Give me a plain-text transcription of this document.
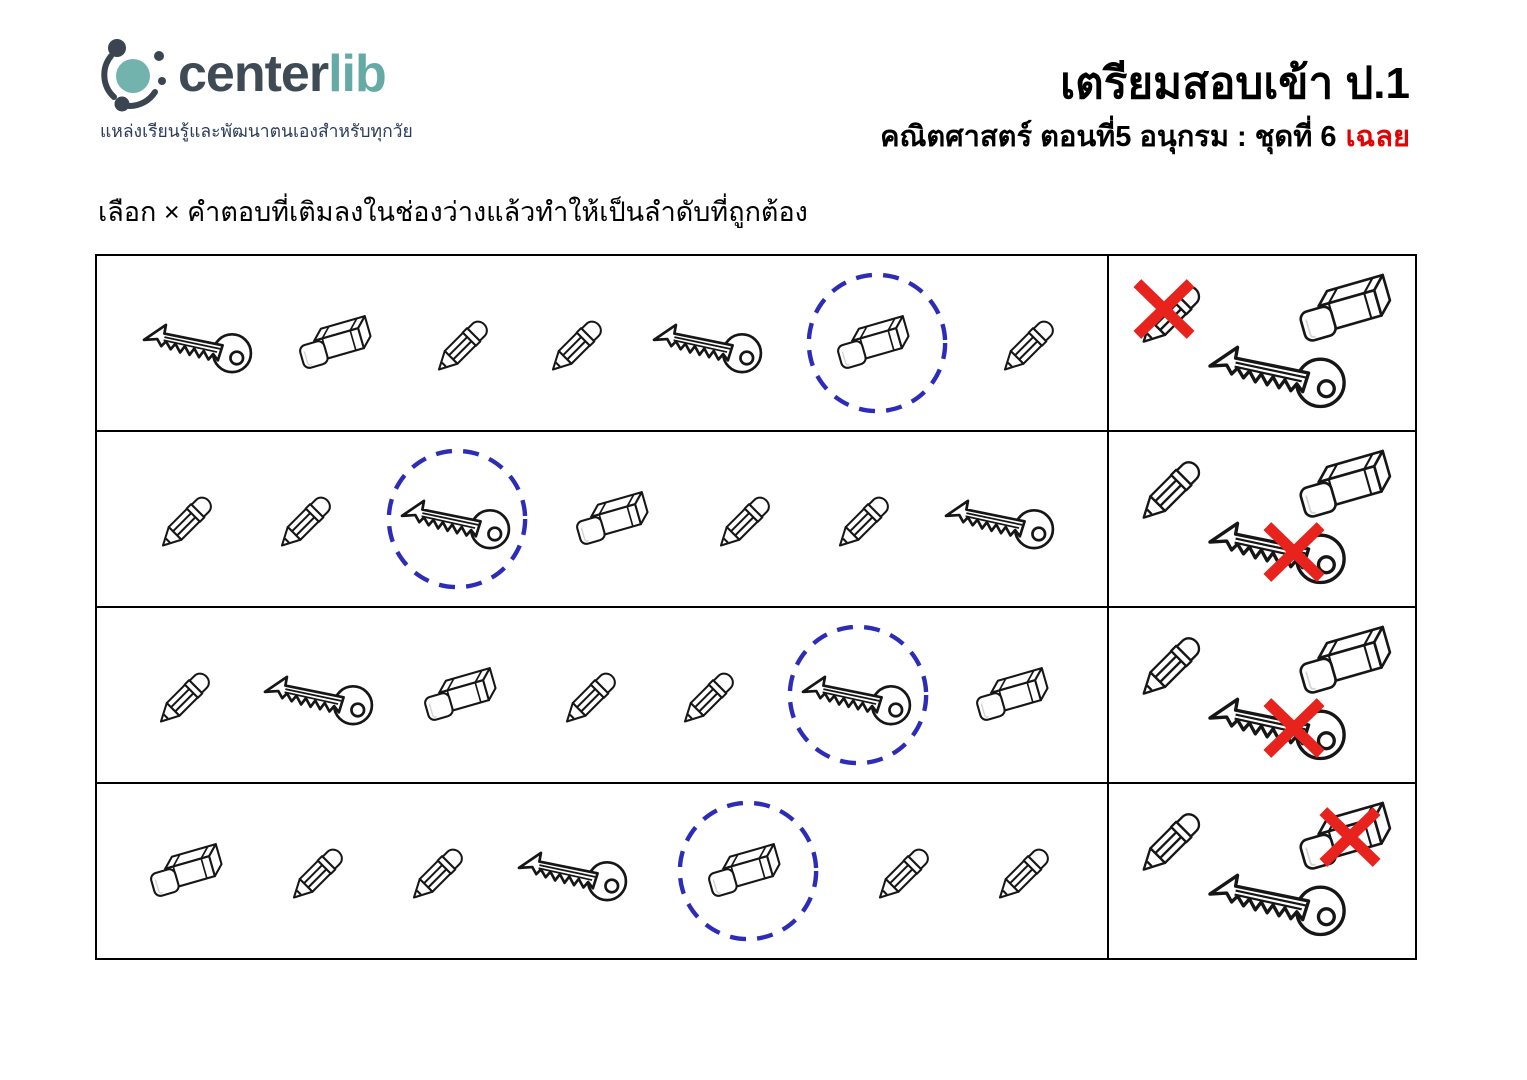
centerlib
แหล่งเรียนรู้และพัฒนาตนเองสำหรับทุกวัย
เตรียมสอบเข้า ป.1
คณิตศาสตร์ ตอนที่5 อนุกรม : ชุดที่ 6 เฉลย
เลือก × คำตอบที่เติมลงในช่องว่างแล้วทำให้เป็นลำดับที่ถูกต้อง
